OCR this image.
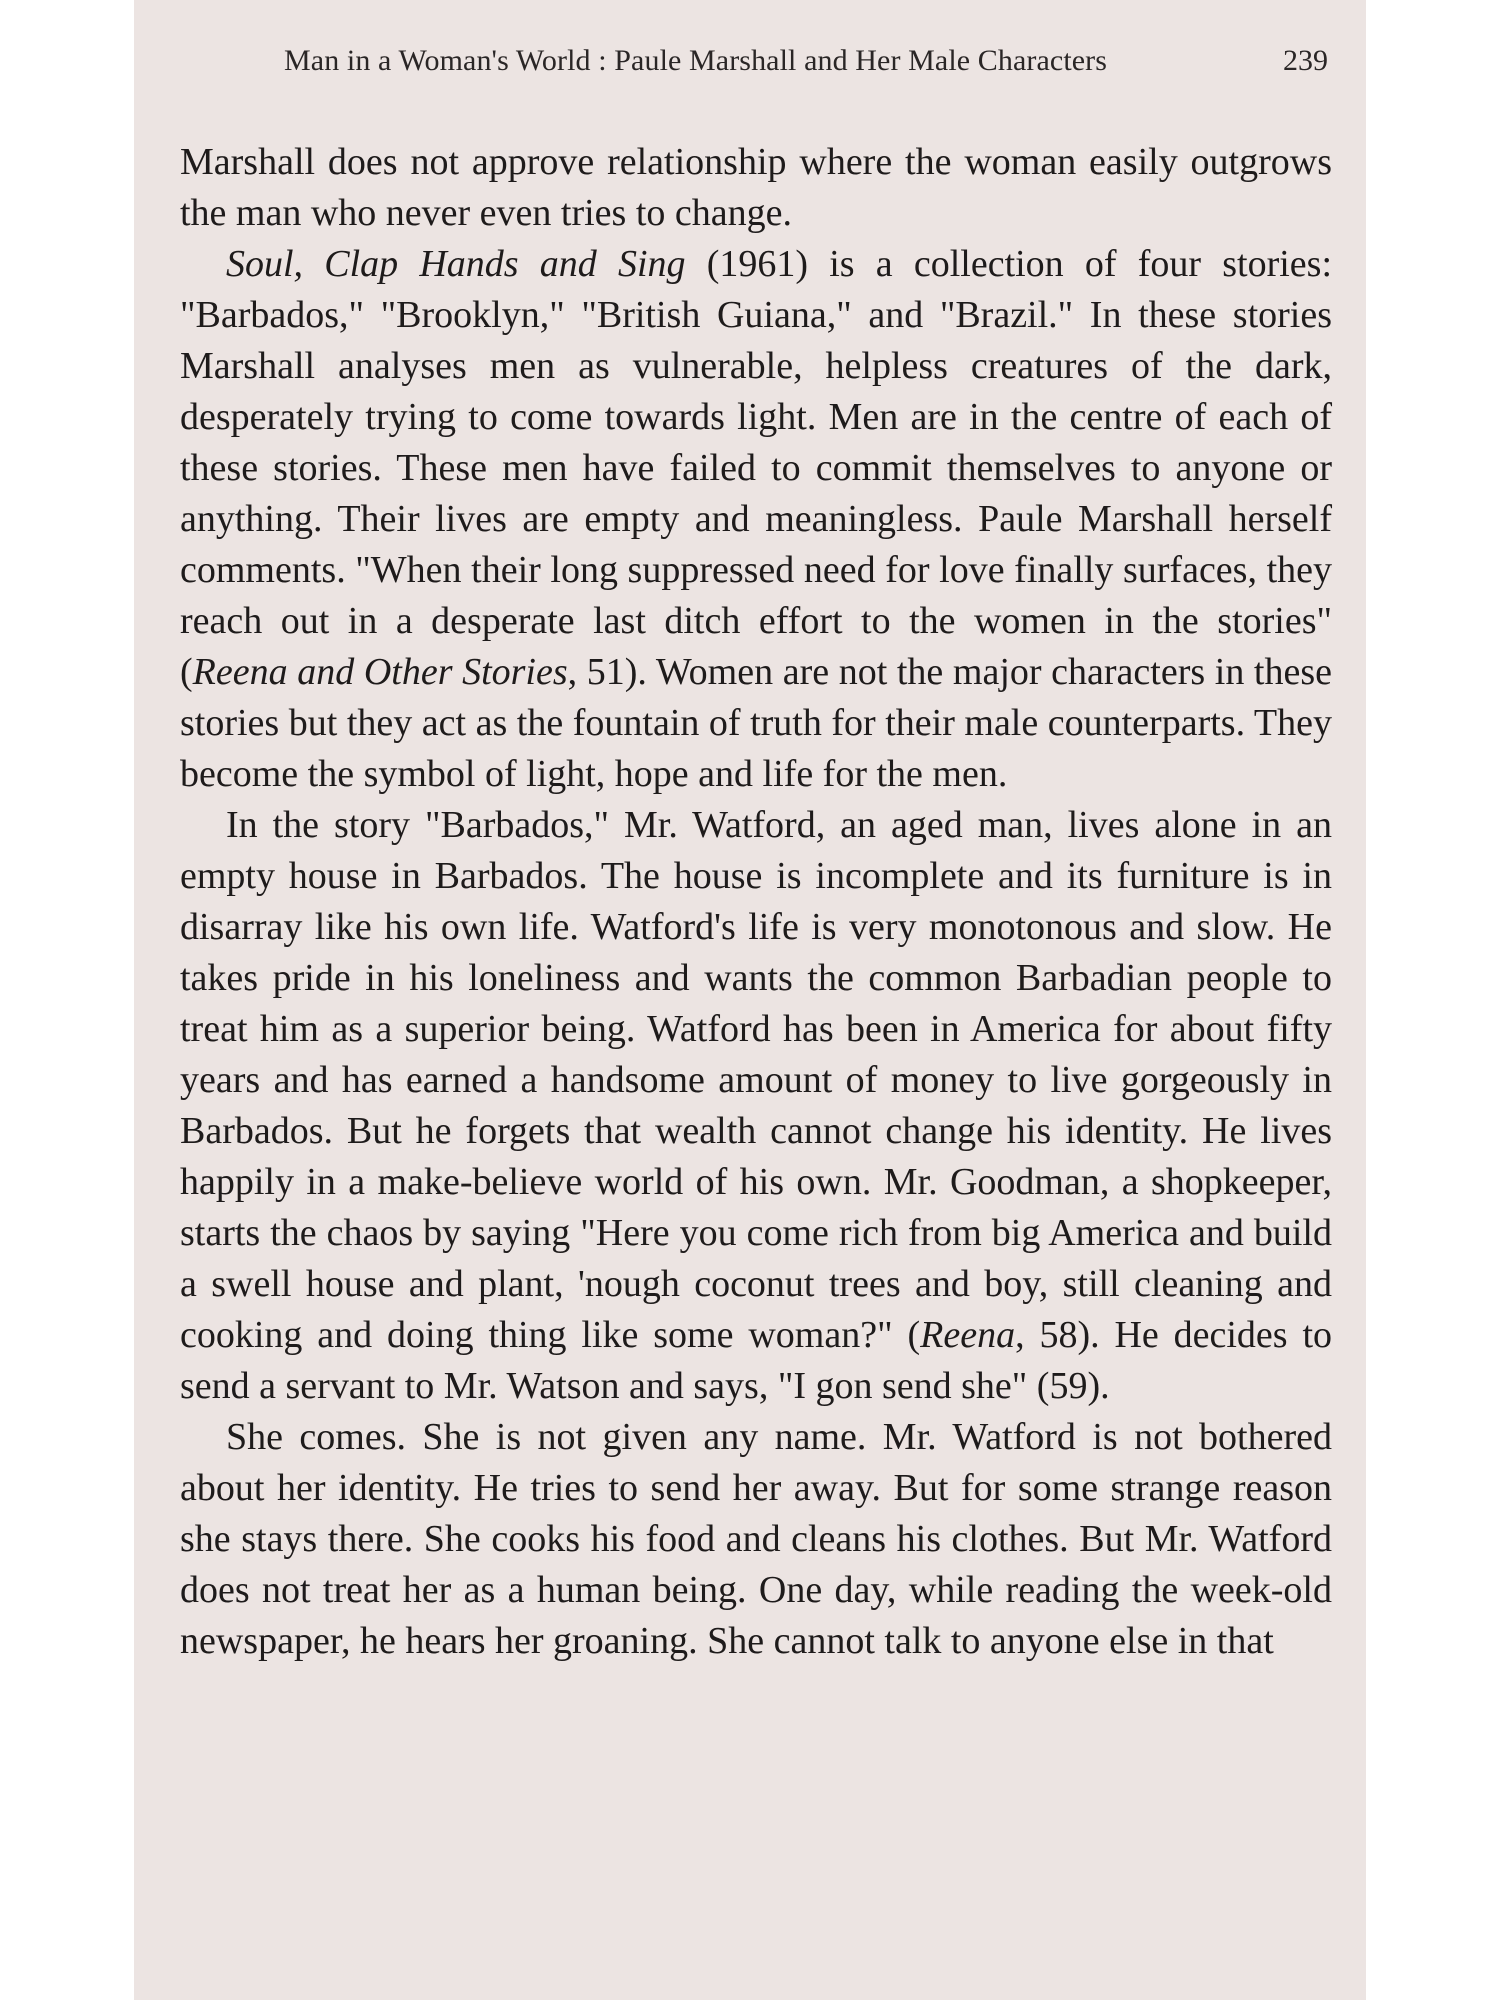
Man in a Woman's World : Paule Marshall and Her Male Characters	239

Marshall does not approve relationship where the woman easily outgrows the man who never even tries to change.

Soul, Clap Hands and Sing (1961) is a collection of four stories: "Barbados," "Brooklyn," "British Guiana," and "Brazil." In these stories Marshall analyses men as vulnerable, helpless creatures of the dark, desperately trying to come towards light. Men are in the centre of each of these stories. These men have failed to commit themselves to anyone or anything. Their lives are empty and meaningless. Paule Marshall herself comments. "When their long suppressed need for love finally surfaces, they reach out in a desperate last ditch effort to the women in the stories" (Reena and Other Stories, 51). Women are not the major characters in these stories but they act as the fountain of truth for their male counterparts. They become the symbol of light, hope and life for the men.

In the story "Barbados," Mr. Watford, an aged man, lives alone in an empty house in Barbados. The house is incomplete and its furniture is in disarray like his own life. Watford's life is very monotonous and slow. He takes pride in his loneliness and wants the common Barbadian people to treat him as a superior being. Watford has been in America for about fifty years and has earned a handsome amount of money to live gorgeously in Barbados. But he forgets that wealth cannot change his identity. He lives happily in a make-believe world of his own. Mr. Goodman, a shopkeeper, starts the chaos by saying "Here you come rich from big America and build a swell house and plant, 'nough coconut trees and boy, still cleaning and cooking and doing thing like some woman?" (Reena, 58). He decides to send a servant to Mr. Watson and says, "I gon send she" (59).

She comes. She is not given any name. Mr. Watford is not bothered about her identity. He tries to send her away. But for some strange reason she stays there. She cooks his food and cleans his clothes. But Mr. Watford does not treat her as a human being. One day, while reading the week-old newspaper, he hears her groaning. She cannot talk to anyone else in that
